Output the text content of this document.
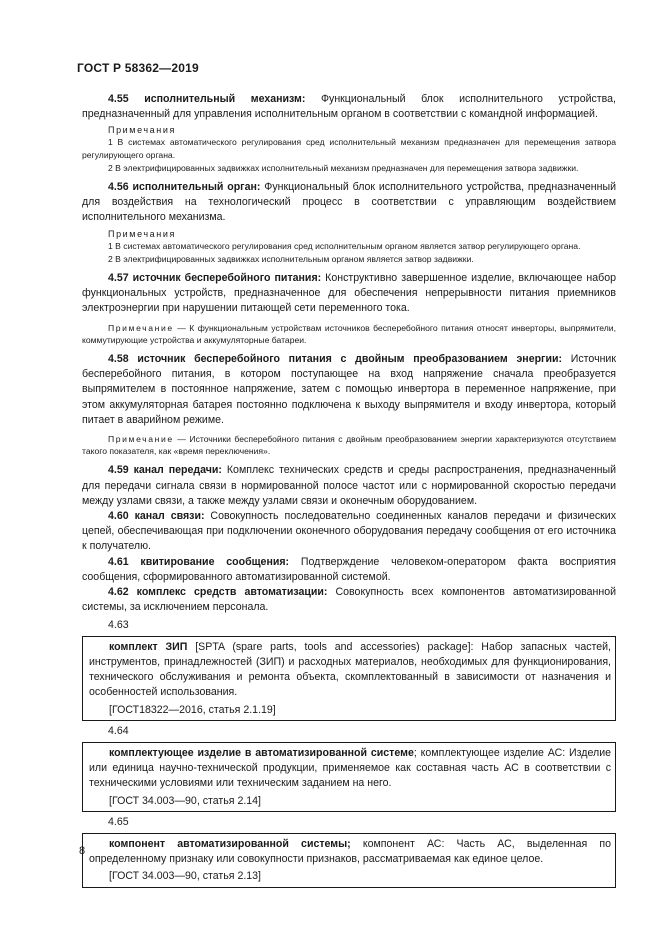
ГОСТ Р 58362—2019

4.55 исполнительный механизм: Функциональный блок исполнительного устройства, предназначенный для управления исполнительным органом в соответствии с командной информацией.

Примечания

1 В системах автоматического регулирования сред исполнительный механизм предназначен для перемещения затвора регулирующего органа.

2 В электрифицированных задвижках исполнительный механизм предназначен для перемещения затвора задвижки.

4.56 исполнительный орган: Функциональный блок исполнительного устройства, предназначенный для воздействия на технологический процесс в соответствии с управляющим воздействием исполнительного механизма.

Примечания

1 В системах автоматического регулирования сред исполнительным органом является затвор регулирующего органа.

2 В электрифицированных задвижках исполнительным органом является затвор задвижки.

4.57 источник бесперебойного питания: Конструктивно завершенное изделие, включающее набор функциональных устройств, предназначенное для обеспечения непрерывности питания приемников электроэнергии при нарушении питающей сети переменного тока.

Примечание — К функциональным устройствам источников бесперебойного питания относят инверторы, выпрямители, коммутирующие устройства и аккумуляторные батареи.

4.58 источник бесперебойного питания с двойным преобразованием энергии: Источник бесперебойного питания, в котором поступающее на вход напряжение сначала преобразуется выпрямителем в постоянное напряжение, затем с помощью инвертора в переменное напряжение, при этом аккумуляторная батарея постоянно подключена к выходу выпрямителя и входу инвертора, который питает в аварийном режиме.

Примечание — Источники бесперебойного питания с двойным преобразованием энергии характеризуются отсутствием такого показателя, как «время переключения».

4.59 канал передачи: Комплекс технических средств и среды распространения, предназначенный для передачи сигнала связи в нормированной полосе частот или с нормированной скоростью передачи между узлами связи, а также между узлами связи и оконечным оборудованием.

4.60 канал связи: Совокупность последовательно соединенных каналов передачи и физических цепей, обеспечивающая при подключении оконечного оборудования передачу сообщения от его источника к получателю.

4.61 квитирование сообщения: Подтверждение человеком-оператором факта восприятия сообщения, сформированного автоматизированной системой.

4.62 комплекс средств автоматизации: Совокупность всех компонентов автоматизированной системы, за исключением персонала.

4.63

комплект ЗИП [SPTA (spare parts, tools and accessories) package]: Набор запасных частей, инструментов, принадлежностей (ЗИП) и расходных материалов, необходимых для функционирования, технического обслуживания и ремонта объекта, скомплектованный в зависимости от назначения и особенностей использования.

[ГОСТ18322—2016, статья 2.1.19]

4.64

комплектующее изделие в автоматизированной системе; комплектующее изделие АС: Изделие или единица научно-технической продукции, применяемое как составная часть АС в соответствии с техническими условиями или техническим заданием на него.

[ГОСТ 34.003—90, статья 2.14]

4.65

компонент автоматизированной системы; компонент АС: Часть АС, выделенная по определенному признаку или совокупности признаков, рассматриваемая как единое целое.

[ГОСТ 34.003—90, статья 2.13]

8
